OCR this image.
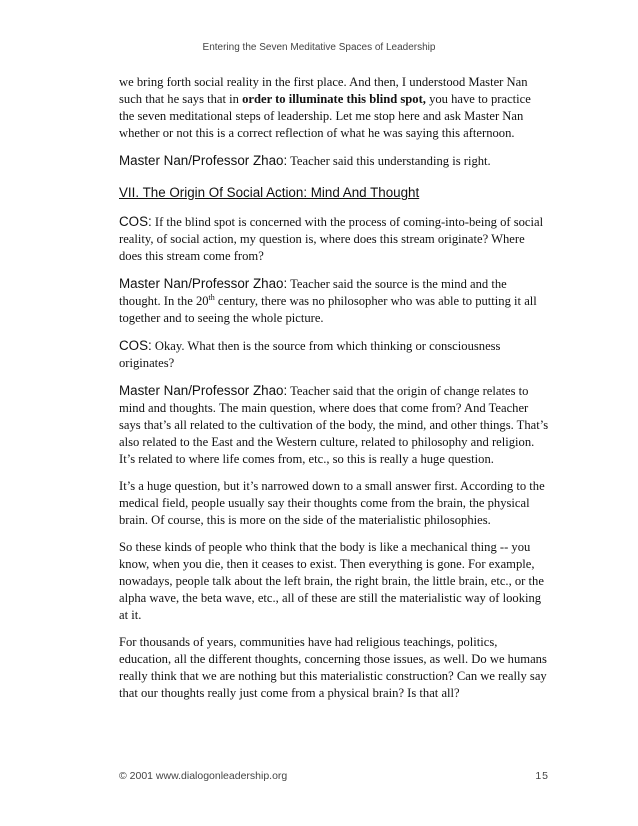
Entering the Seven Meditative Spaces of Leadership

we bring forth social reality in the first place. And then, I understood Master Nan such that he says that in order to illuminate this blind spot, you have to practice the seven meditational steps of leadership. Let me stop here and ask Master Nan whether or not this is a correct reflection of what he was saying this afternoon.

Master Nan/Professor Zhao: Teacher said this understanding is right.

VII. The Origin Of Social Action: Mind And Thought

COS: If the blind spot is concerned with the process of coming-into-being of social reality, of social action, my question is, where does this stream originate? Where does this stream come from?

Master Nan/Professor Zhao: Teacher said the source is the mind and the thought. In the 20th century, there was no philosopher who was able to putting it all together and to seeing the whole picture.

COS: Okay. What then is the source from which thinking or consciousness originates?

Master Nan/Professor Zhao: Teacher said that the origin of change relates to mind and thoughts. The main question, where does that come from? And Teacher says that’s all related to the cultivation of the body, the mind, and other things. That’s also related to the East and the Western culture, related to philosophy and religion. It’s related to where life comes from, etc., so this is really a huge question.

It’s a huge question, but it’s narrowed down to a small answer first. According to the medical field, people usually say their thoughts come from the brain, the physical brain. Of course, this is more on the side of the materialistic philosophies.

So these kinds of people who think that the body is like a mechanical thing -- you know, when you die, then it ceases to exist. Then everything is gone. For example, nowadays, people talk about the left brain, the right brain, the little brain, etc., or the alpha wave, the beta wave, etc., all of these are still the materialistic way of looking at it.

For thousands of years, communities have had religious teachings, politics, education, all the different thoughts, concerning those issues, as well. Do we humans really think that we are nothing but this materialistic construction? Can we really say that our thoughts really just come from a physical brain? Is that all?

© 2001 www.dialogonleadership.org	15
